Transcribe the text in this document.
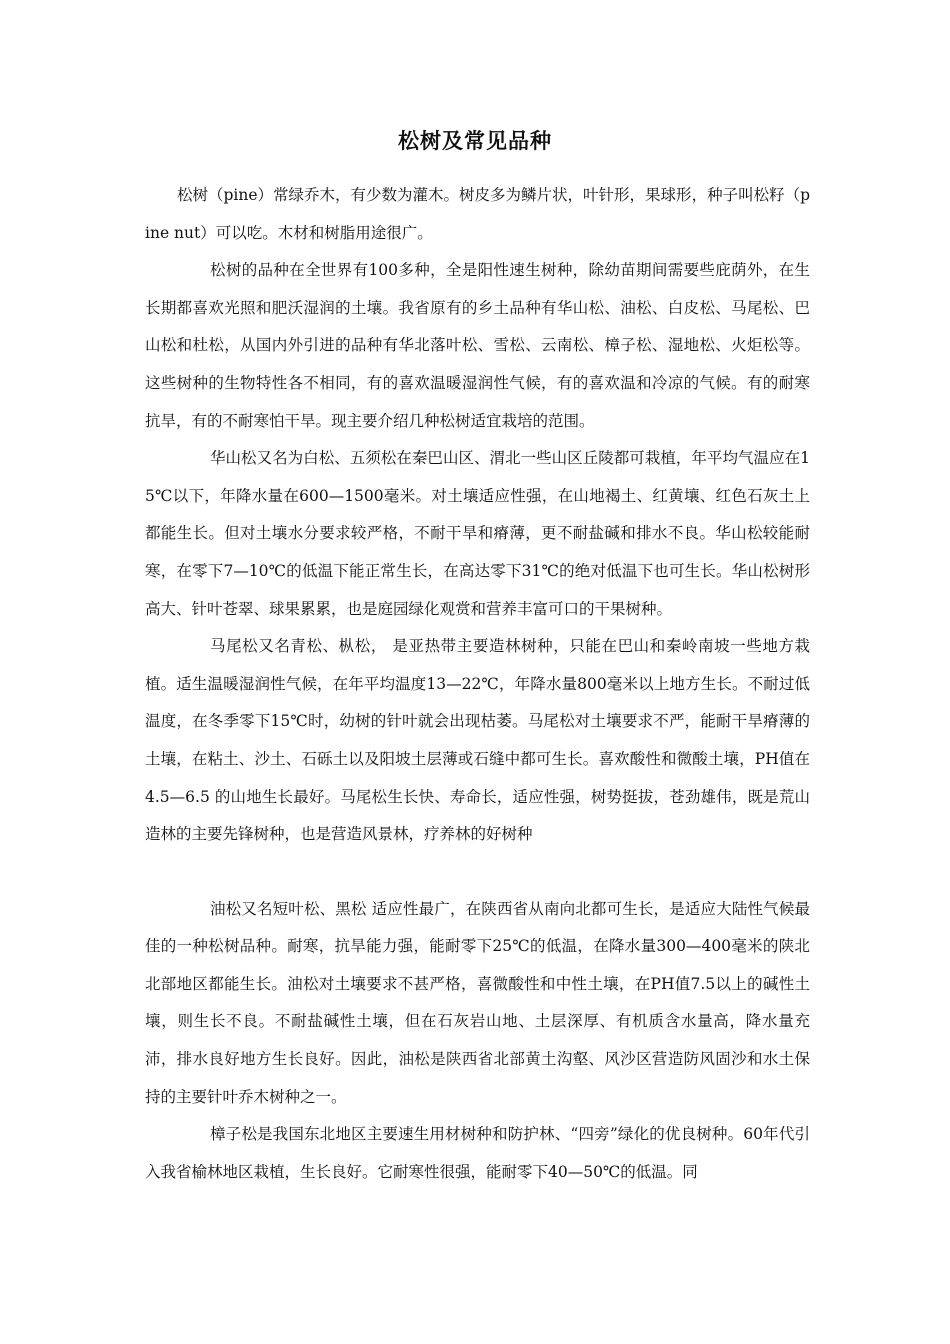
松树及常见品种

松树（pine）常绿乔木，有少数为灌木。树皮多为鳞片状，叶针形，果球形，种子叫松籽（pine nut）可以吃。木材和树脂用途很广。

松树的品种在全世界有100多种，全是阳性速生树种，除幼苗期间需要些庇荫外，在生长期都喜欢光照和肥沃湿润的土壤。我省原有的乡土品种有华山松、油松、白皮松、马尾松、巴山松和杜松，从国内外引进的品种有华北落叶松、雪松、云南松、樟子松、湿地松、火炬松等。这些树种的生物特性各不相同，有的喜欢温暖湿润性气候，有的喜欢温和冷凉的气候。有的耐寒抗旱，有的不耐寒怕干旱。现主要介绍几种松树适宜栽培的范围。

华山松又名为白松、五须松在秦巴山区、渭北一些山区丘陵都可栽植，年平均气温应在15℃以下，年降水量在600—1500毫米。对土壤适应性强，在山地褐土、红黄壤、红色石灰土上都能生长。但对土壤水分要求较严格，不耐干旱和瘠薄，更不耐盐碱和排水不良。华山松较能耐寒，在零下7—10℃的低温下能正常生长，在高达零下31℃的绝对低温下也可生长。华山松树形高大、针叶苍翠、球果累累，也是庭园绿化观赏和营养丰富可口的干果树种。

马尾松又名青松、枞松， 是亚热带主要造林树种，只能在巴山和秦岭南坡一些地方栽植。适生温暖湿润性气候，在年平均温度13—22℃，年降水量800毫米以上地方生长。不耐过低温度，在冬季零下15℃时，幼树的针叶就会出现枯萎。马尾松对土壤要求不严，能耐干旱瘠薄的土壤，在粘土、沙土、石砾土以及阳坡土层薄或石缝中都可生长。喜欢酸性和微酸土壤，PH值在4.5—6.5 的山地生长最好。马尾松生长快、寿命长，适应性强，树势挺拔，苍劲雄伟，既是荒山造林的主要先锋树种，也是营造风景林，疗养林的好树种

油松又名短叶松、黑松 适应性最广，在陕西省从南向北都可生长，是适应大陆性气候最佳的一种松树品种。耐寒，抗旱能力强，能耐零下25℃的低温，在降水量300—400毫米的陕北北部地区都能生长。油松对土壤要求不甚严格，喜微酸性和中性土壤，在PH值7.5以上的碱性土壤，则生长不良。不耐盐碱性土壤，但在石灰岩山地、土层深厚、有机质含水量高，降水量充沛，排水良好地方生长良好。因此，油松是陕西省北部黄土沟壑、风沙区营造防风固沙和水土保持的主要针叶乔木树种之一。

樟子松是我国东北地区主要速生用材树种和防护林、“四旁”绿化的优良树种。60年代引入我省榆林地区栽植，生长良好。它耐寒性很强，能耐零下40—50℃的低温。同
